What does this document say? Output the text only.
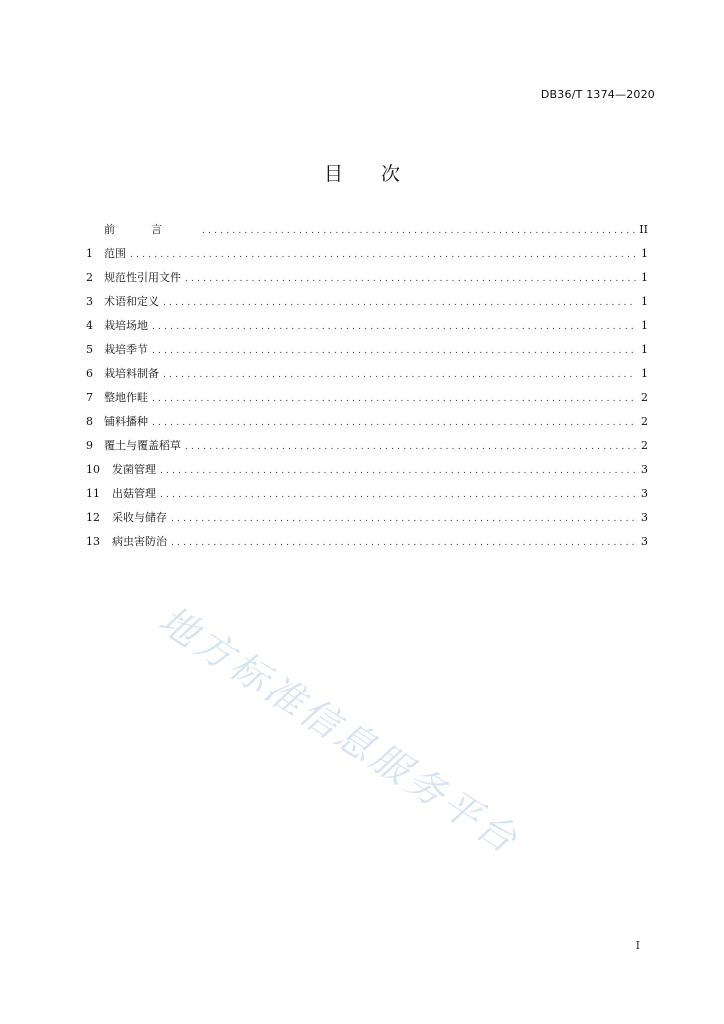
DB36/T 1374—2020
目次
前言 .....	II
1	范围 .....	1
2	规范性引用文件 .....	1
3	术语和定义 .....	1
4	栽培场地 .....	1
5	栽培季节 .....	1
6	栽培料制备 .....	1
7	整地作畦 .....	2
8	铺料播种 .....	2
9	覆土与覆盖稻草 .....	2
10	发菌管理 .....	3
11	出菇管理 .....	3
12	采收与储存 .....	3
13	病虫害防治 .....	3
地方标准信息服务平台
I
